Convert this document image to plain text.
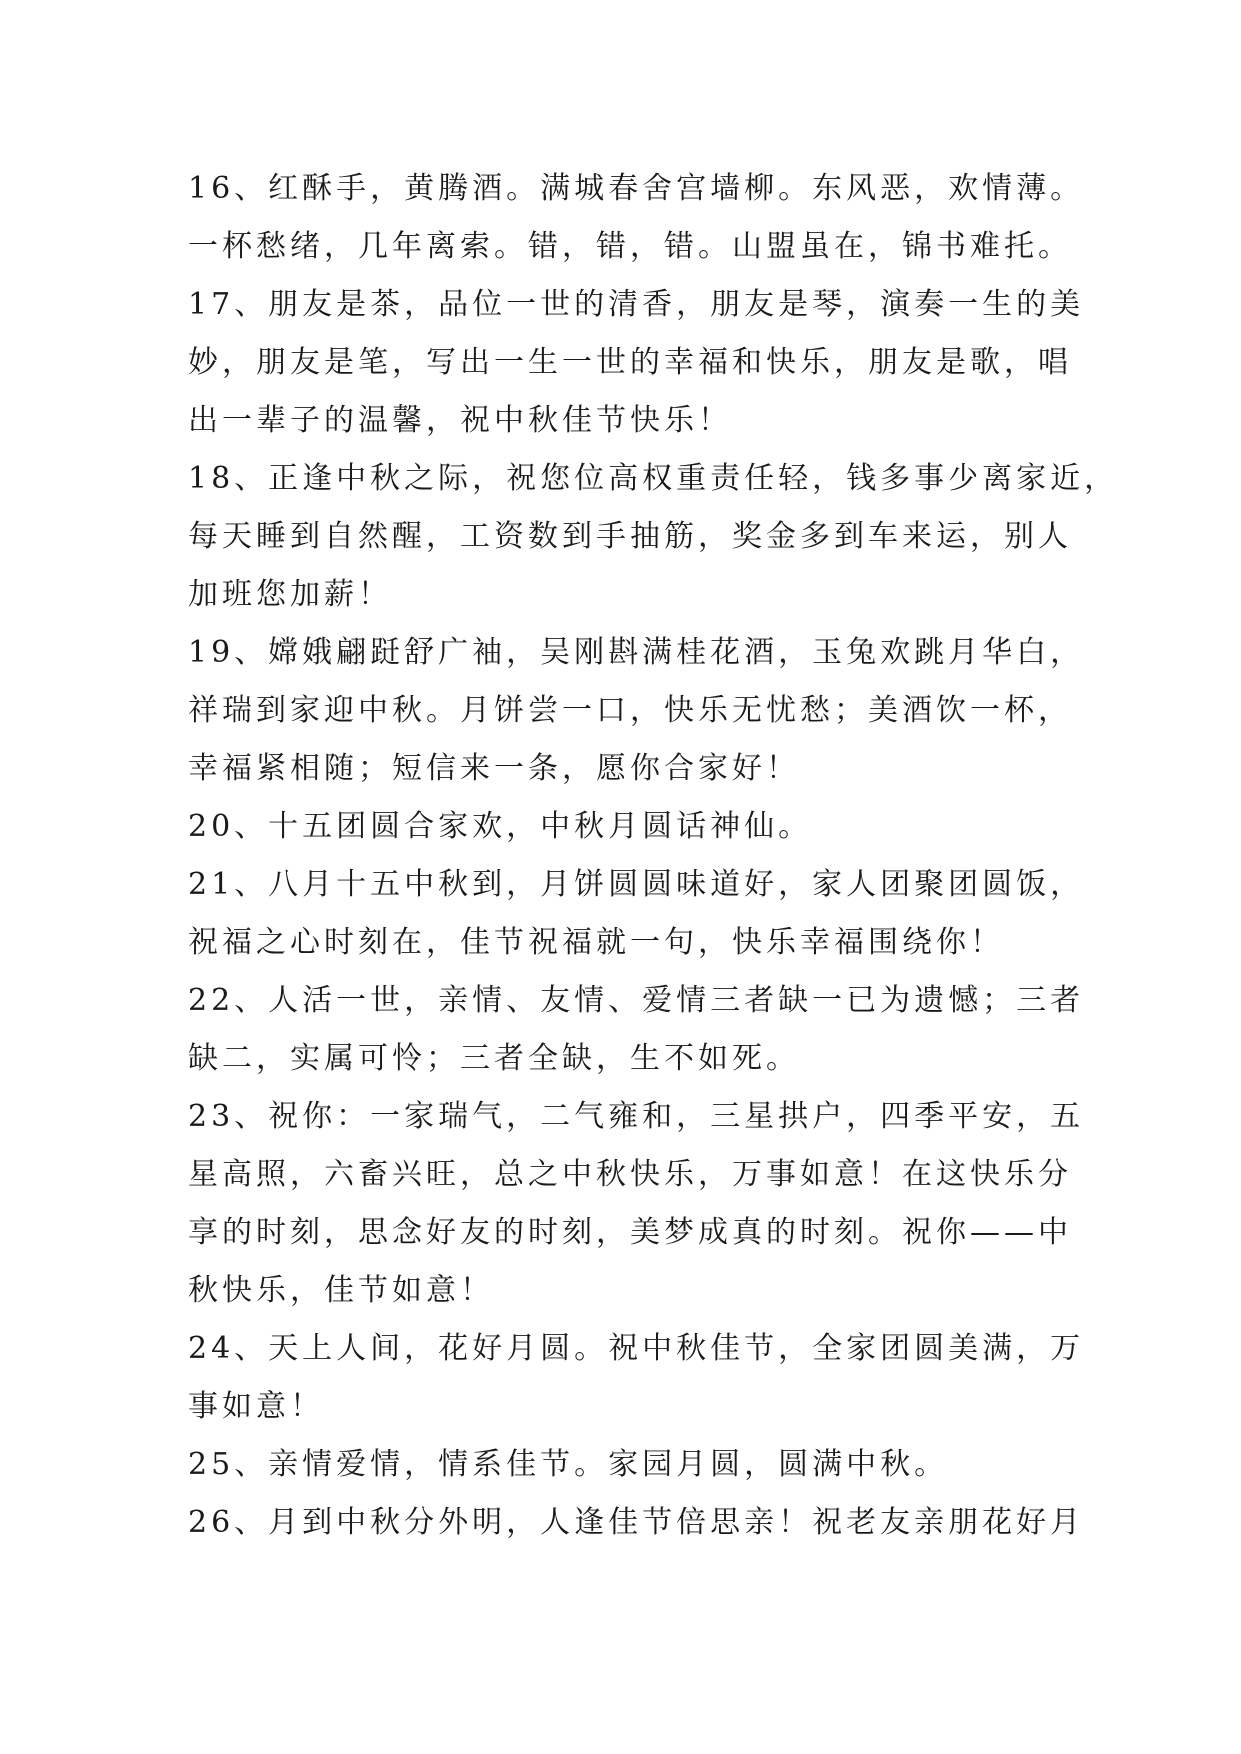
16、红酥手，黄腾酒。满城春舍宫墙柳。东风恶，欢情薄。
一杯愁绪，几年离索。错，错，错。山盟虽在，锦书难托。
17、朋友是茶，品位一世的清香，朋友是琴，演奏一生的美
妙，朋友是笔，写出一生一世的幸福和快乐，朋友是歌，唱
出一辈子的温馨，祝中秋佳节快乐！
18、正逢中秋之际，祝您位高权重责任轻，钱多事少离家近，
每天睡到自然醒，工资数到手抽筋，奖金多到车来运，别人
加班您加薪！
19、嫦娥翩跹舒广袖，吴刚斟满桂花酒，玉兔欢跳月华白，
祥瑞到家迎中秋。月饼尝一口，快乐无忧愁；美酒饮一杯，
幸福紧相随；短信来一条，愿你合家好！
20、十五团圆合家欢，中秋月圆话神仙。
21、八月十五中秋到，月饼圆圆味道好，家人团聚团圆饭，
祝福之心时刻在，佳节祝福就一句，快乐幸福围绕你！
22、人活一世，亲情、友情、爱情三者缺一已为遗憾；三者
缺二，实属可怜；三者全缺，生不如死。
23、祝你：一家瑞气，二气雍和，三星拱户，四季平安，五
星高照，六畜兴旺，总之中秋快乐，万事如意！在这快乐分
享的时刻，思念好友的时刻，美梦成真的时刻。祝你——中
秋快乐，佳节如意！
24、天上人间，花好月圆。祝中秋佳节，全家团圆美满，万
事如意！
25、亲情爱情，情系佳节。家园月圆，圆满中秋。
26、月到中秋分外明，人逢佳节倍思亲！祝老友亲朋花好月
